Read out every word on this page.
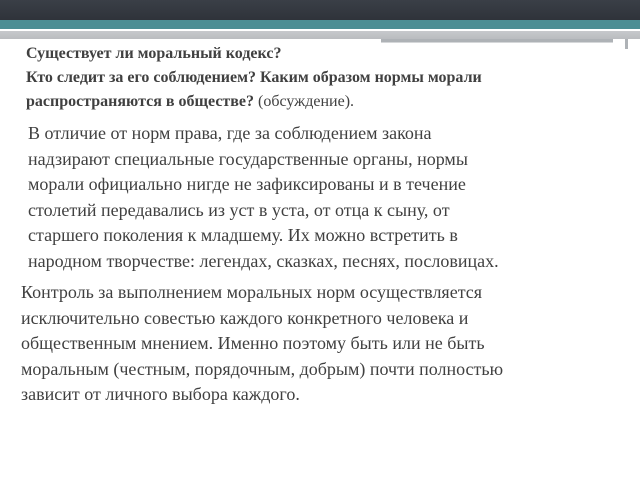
Существует ли моральный кодекс?
Кто следит за его соблюдением? Каким образом нормы морали
распространяются в обществе? (обсуждение).
В отличие от норм права, где за соблюдением закона
надзирают специальные государственные органы, нормы
морали официально нигде не зафиксированы и в течение
столетий передавались из уст в уста, от отца к сыну, от
старшего поколения к младшему. Их можно встретить в
народном творчестве: легендах, сказках, песнях, пословицах.
Контроль за выполнением моральных норм осуществляется
исключительно совестью каждого конкретного человека и
общественным мнением. Именно поэтому быть или не быть
моральным (честным, порядочным, добрым) почти полностью
зависит от личного выбора каждого.
